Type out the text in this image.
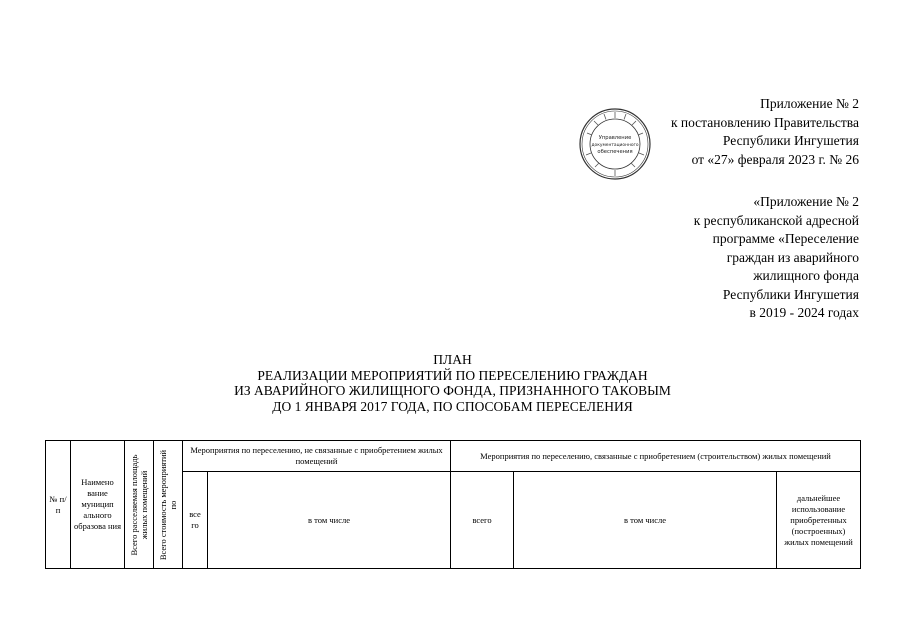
Управление
документационного
обеспечения
Приложение № 2
к постановлению Правительства
Республики Ингушетия
от «27» февраля 2023 г. № 26
«Приложение № 2
к республиканской адресной
программе «Переселение
граждан из аварийного
жилищного фонда
Республики Ингушетия
в 2019 - 2024 годах
ПЛАН
РЕАЛИЗАЦИИ МЕРОПРИЯТИЙ ПО ПЕРЕСЕЛЕНИЮ ГРАЖДАН
ИЗ АВАРИЙНОГО ЖИЛИЩНОГО ФОНДА, ПРИЗНАННОГО ТАКОВЫМ
ДО 1 ЯНВАРЯ 2017 ГОДА, ПО СПОСОБАМ ПЕРЕСЕЛЕНИЯ
№ п/ п	Наимено вание муницип ального образова ния	Всего расселяемая площадь жилых помещений	Всего стоимость мероприятий по	Мероприятия по переселению, не связанные с приобретением жилых помещений		Мероприятия по переселению, связанные с приобретением (строительством) жилых помещений		
				все го	в том числе	всего	в том числе	дальнейшее использование приобретенных (построенных) жилых помещений
